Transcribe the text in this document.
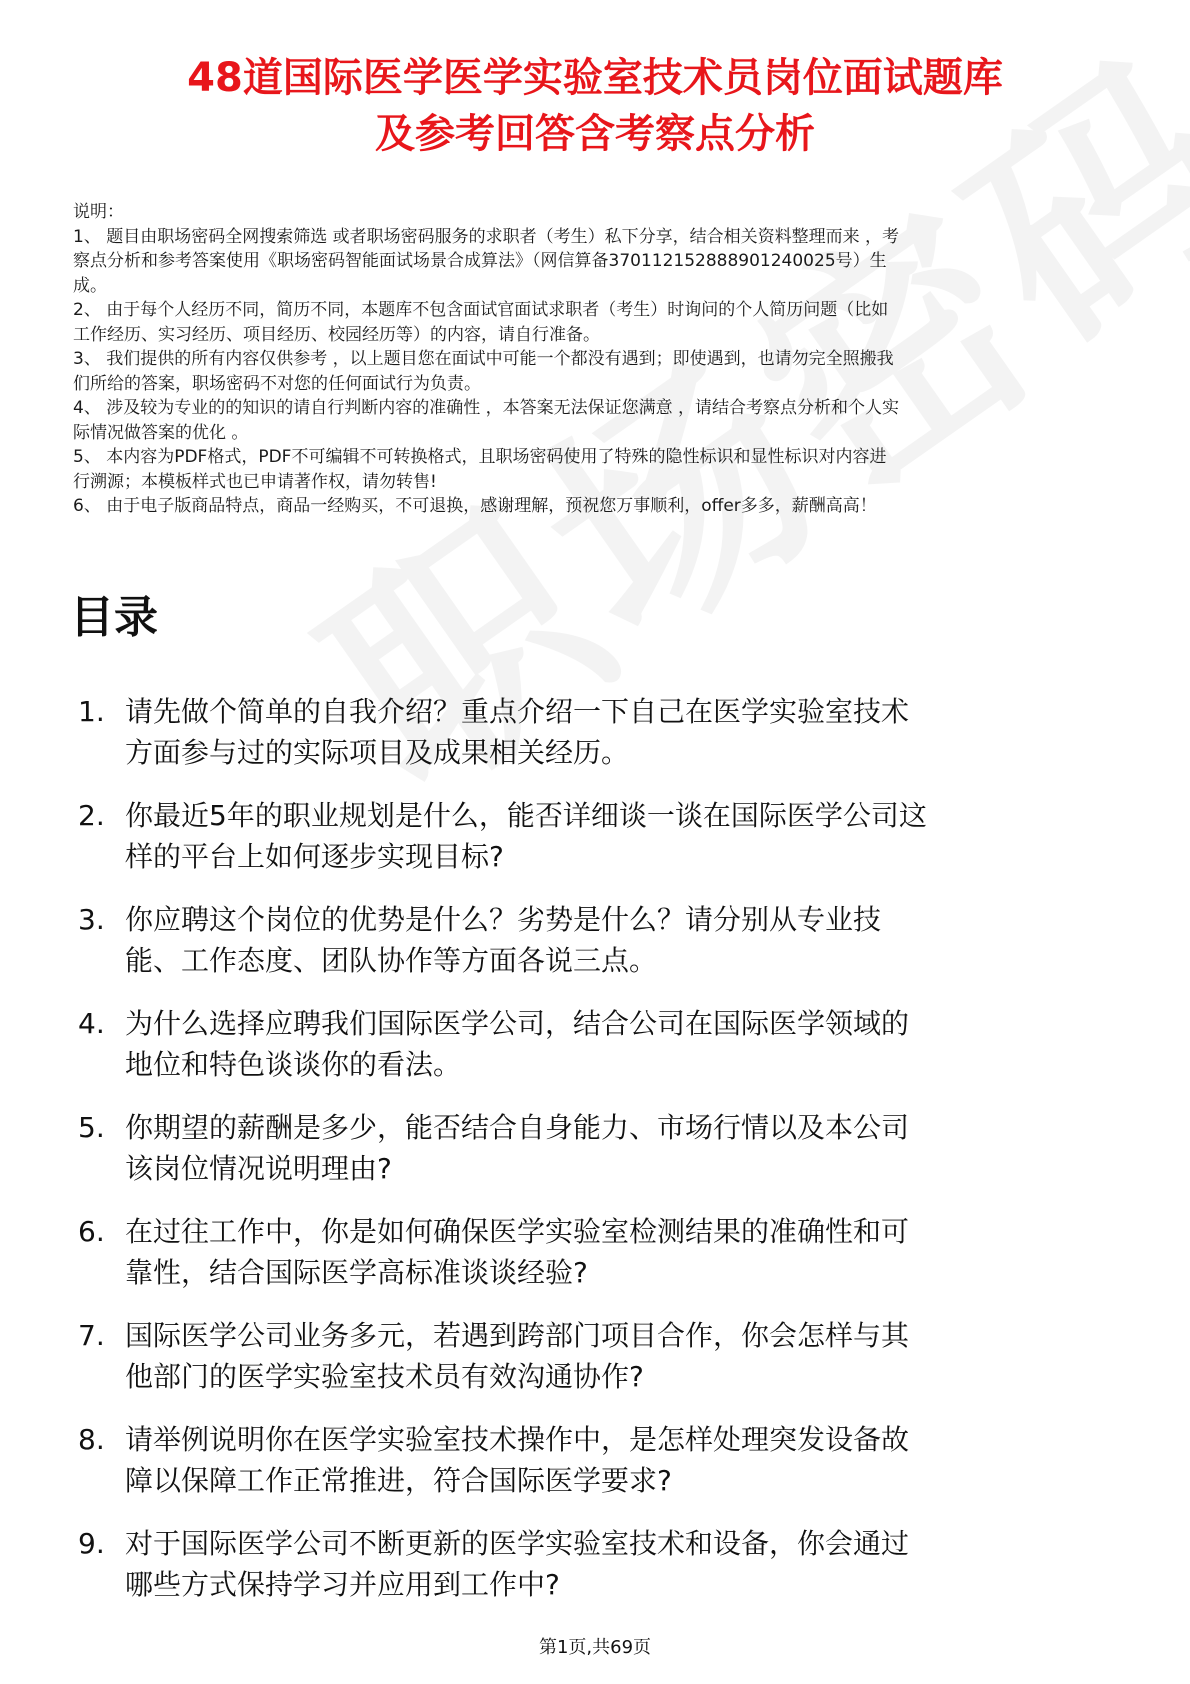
48道国际医学医学实验室技术员岗位面试题库
及参考回答含考察点分析
说明：
1、 题目由职场密码全网搜索筛选 或者职场密码服务的求职者（考生）私下分享，结合相关资料整理而来 ，考
察点分析和参考答案使用《职场密码智能面试场景合成算法》（网信算备370112152888901240025号）生
成。
2、 由于每个人经历不同，简历不同，本题库不包含面试官面试求职者（考生）时询问的个人简历问题（比如
工作经历、实习经历、项目经历、校园经历等）的内容，请自行准备。
3、 我们提供的所有内容仅供参考 ，以上题目您在面试中可能一个都没有遇到；即使遇到，也请勿完全照搬我
们所给的答案，职场密码不对您的任何面试行为负责。
4、 涉及较为专业的的知识的请自行判断内容的准确性 ，本答案无法保证您满意 ，请结合考察点分析和个人实
际情况做答案的优化 。
5、 本内容为PDF格式，PDF不可编辑不可转换格式，且职场密码使用了特殊的隐性标识和显性标识对内容进
行溯源；本模板样式也已申请著作权，请勿转售!
6、 由于电子版商品特点，商品一经购买，不可退换，感谢理解，预祝您万事顺利，offer多多，薪酬高高！
目录
1. 请先做个简单的自我介绍？重点介绍一下自己在医学实验室技术
方面参与过的实际项目及成果相关经历。
2. 你最近5年的职业规划是什么，能否详细谈一谈在国际医学公司这
样的平台上如何逐步实现目标?
3. 你应聘这个岗位的优势是什么？劣势是什么？请分别从专业技
能、工作态度、团队协作等方面各说三点。
4. 为什么选择应聘我们国际医学公司，结合公司在国际医学领域的
地位和特色谈谈你的看法。
5. 你期望的薪酬是多少，能否结合自身能力、市场行情以及本公司
该岗位情况说明理由?
6. 在过往工作中，你是如何确保医学实验室检测结果的准确性和可
靠性，结合国际医学高标准谈谈经验?
7. 国际医学公司业务多元，若遇到跨部门项目合作，你会怎样与其
他部门的医学实验室技术员有效沟通协作?
8. 请举例说明你在医学实验室技术操作中，是怎样处理突发设备故
障以保障工作正常推进，符合国际医学要求?
9. 对于国际医学公司不断更新的医学实验室技术和设备，你会通过
哪些方式保持学习并应用到工作中?
第1页,共69页
